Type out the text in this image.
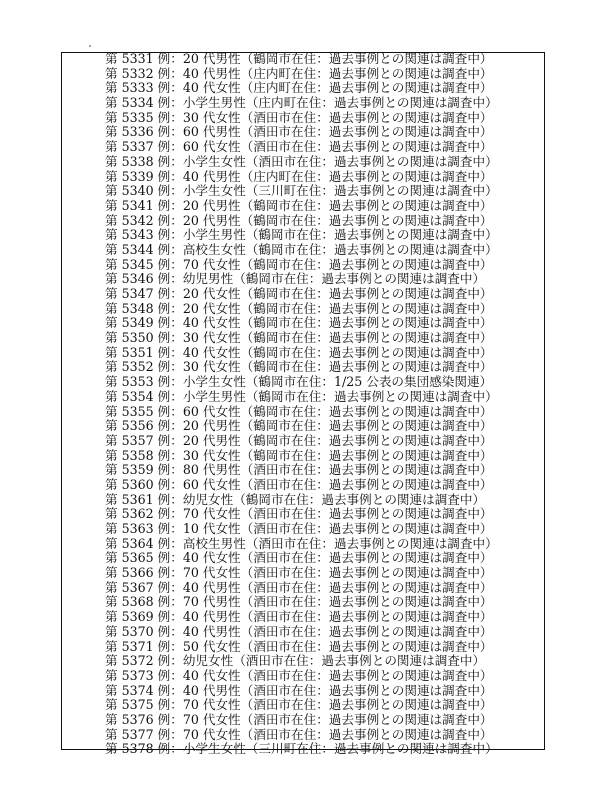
第 5331 例：20 代男性（鶴岡市在住：過去事例との関連は調査中）
第 5332 例：40 代男性（庄内町在住：過去事例との関連は調査中）
第 5333 例：40 代女性（庄内町在住：過去事例との関連は調査中）
第 5334 例：小学生男性（庄内町在住：過去事例との関連は調査中）
第 5335 例：30 代女性（酒田市在住：過去事例との関連は調査中）
第 5336 例：60 代男性（酒田市在住：過去事例との関連は調査中）
第 5337 例：60 代女性（酒田市在住：過去事例との関連は調査中）
第 5338 例：小学生女性（酒田市在住：過去事例との関連は調査中）
第 5339 例：40 代男性（庄内町在住：過去事例との関連は調査中）
第 5340 例：小学生女性（三川町在住：過去事例との関連は調査中）
第 5341 例：20 代男性（鶴岡市在住：過去事例との関連は調査中）
第 5342 例：20 代男性（鶴岡市在住：過去事例との関連は調査中）
第 5343 例：小学生男性（鶴岡市在住：過去事例との関連は調査中）
第 5344 例：高校生女性（鶴岡市在住：過去事例との関連は調査中）
第 5345 例：70 代女性（鶴岡市在住：過去事例との関連は調査中）
第 5346 例：幼児男性（鶴岡市在住：過去事例との関連は調査中）
第 5347 例：20 代女性（鶴岡市在住：過去事例との関連は調査中）
第 5348 例：20 代女性（鶴岡市在住：過去事例との関連は調査中）
第 5349 例：40 代女性（鶴岡市在住：過去事例との関連は調査中）
第 5350 例：30 代女性（鶴岡市在住：過去事例との関連は調査中）
第 5351 例：40 代女性（鶴岡市在住：過去事例との関連は調査中）
第 5352 例：30 代女性（鶴岡市在住：過去事例との関連は調査中）
第 5353 例：小学生女性（鶴岡市在住：1/25 公表の集団感染関連）
第 5354 例：小学生男性（鶴岡市在住：過去事例との関連は調査中）
第 5355 例：60 代女性（鶴岡市在住：過去事例との関連は調査中）
第 5356 例：20 代男性（鶴岡市在住：過去事例との関連は調査中）
第 5357 例：20 代男性（鶴岡市在住：過去事例との関連は調査中）
第 5358 例：30 代女性（鶴岡市在住：過去事例との関連は調査中）
第 5359 例：80 代男性（酒田市在住：過去事例との関連は調査中）
第 5360 例：60 代女性（酒田市在住：過去事例との関連は調査中）
第 5361 例：幼児女性（鶴岡市在住：過去事例との関連は調査中）
第 5362 例：70 代女性（酒田市在住：過去事例との関連は調査中）
第 5363 例：10 代女性（酒田市在住：過去事例との関連は調査中）
第 5364 例：高校生男性（酒田市在住：過去事例との関連は調査中）
第 5365 例：40 代女性（酒田市在住：過去事例との関連は調査中）
第 5366 例：70 代女性（酒田市在住：過去事例との関連は調査中）
第 5367 例：40 代男性（酒田市在住：過去事例との関連は調査中）
第 5368 例：70 代男性（酒田市在住：過去事例との関連は調査中）
第 5369 例：40 代男性（酒田市在住：過去事例との関連は調査中）
第 5370 例：40 代男性（酒田市在住：過去事例との関連は調査中）
第 5371 例：50 代女性（酒田市在住：過去事例との関連は調査中）
第 5372 例：幼児女性（酒田市在住：過去事例との関連は調査中）
第 5373 例：40 代女性（酒田市在住：過去事例との関連は調査中）
第 5374 例：40 代男性（酒田市在住：過去事例との関連は調査中）
第 5375 例：70 代女性（酒田市在住：過去事例との関連は調査中）
第 5376 例：70 代女性（酒田市在住：過去事例との関連は調査中）
第 5377 例：70 代女性（酒田市在住：過去事例との関連は調査中）
第 5378 例：小学生女性（三川町在住：過去事例との関連は調査中）
